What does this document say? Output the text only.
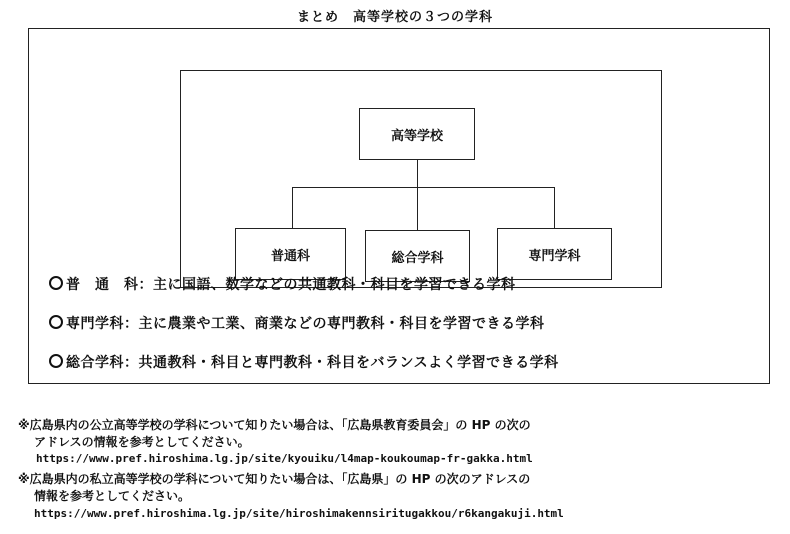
まとめ　高等学校の３つの学科
高等学校
普通科	総合学科	専門学科
普　通　科：主に国語、数学などの共通教科・科目を学習できる学科
専門学科：主に農業や工業、商業などの専門教科・科目を学習できる学科
総合学科：共通教科・科目と専門教科・科目をバランスよく学習できる学科
※広島県内の公立高等学校の学科について知りたい場合は、「広島県教育委員会」の HP の次の
アドレスの情報を参考としてください。
https://www.pref.hiroshima.lg.jp/site/kyouiku/l4map-koukoumap-fr-gakka.html
※広島県内の私立高等学校の学科について知りたい場合は、「広島県」の HP の次のアドレスの
情報を参考としてください。
https://www.pref.hiroshima.lg.jp/site/hiroshimakennsiritugakkou/r6kangakuji.html
